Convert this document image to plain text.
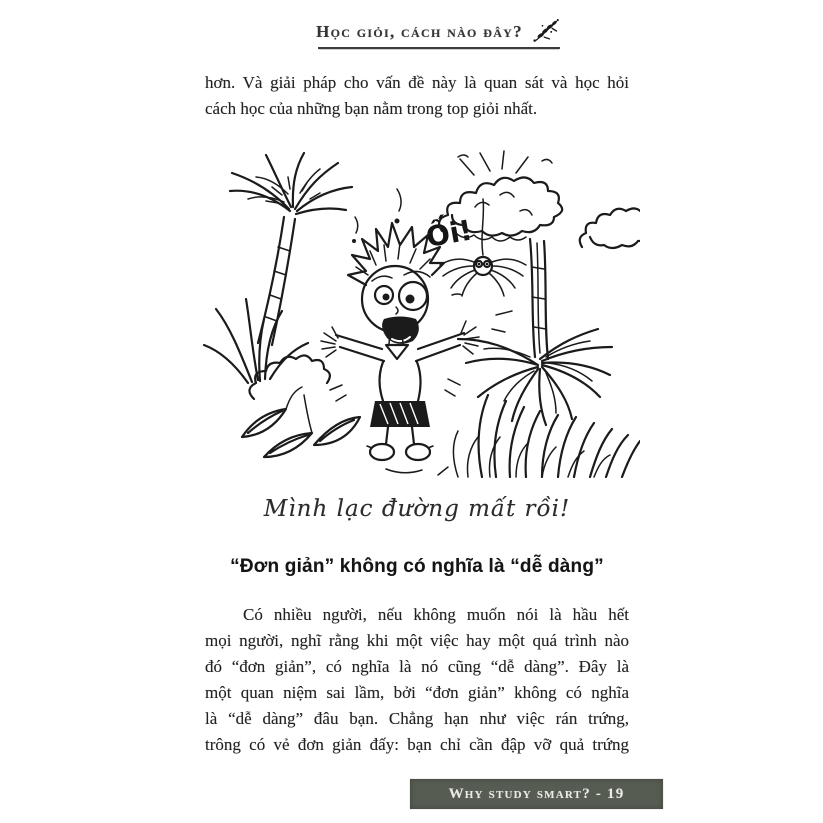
Học giỏi, cách nào đây?

hơn. Và giải pháp cho vấn đề này là quan sát và học hỏi

cách học của những bạn nằm trong top giỏi nhất.

Ối!
Mình lạc đường mất rồi!
“Đơn giản” không có nghĩa là “dễ dàng”

Có nhiều người, nếu không muốn nói là hầu hết

mọi người, nghĩ rằng khi một việc hay một quá trình nào

đó “đơn giản”, có nghĩa là nó cũng “dễ dàng”. Đây là

một quan niệm sai lầm, bởi “đơn giản” không có nghĩa

là “dễ dàng” đâu bạn. Chẳng hạn như việc rán trứng,

trông có vẻ đơn giản đấy: bạn chỉ cần đập vỡ quả trứng

Why study smart? - 19
